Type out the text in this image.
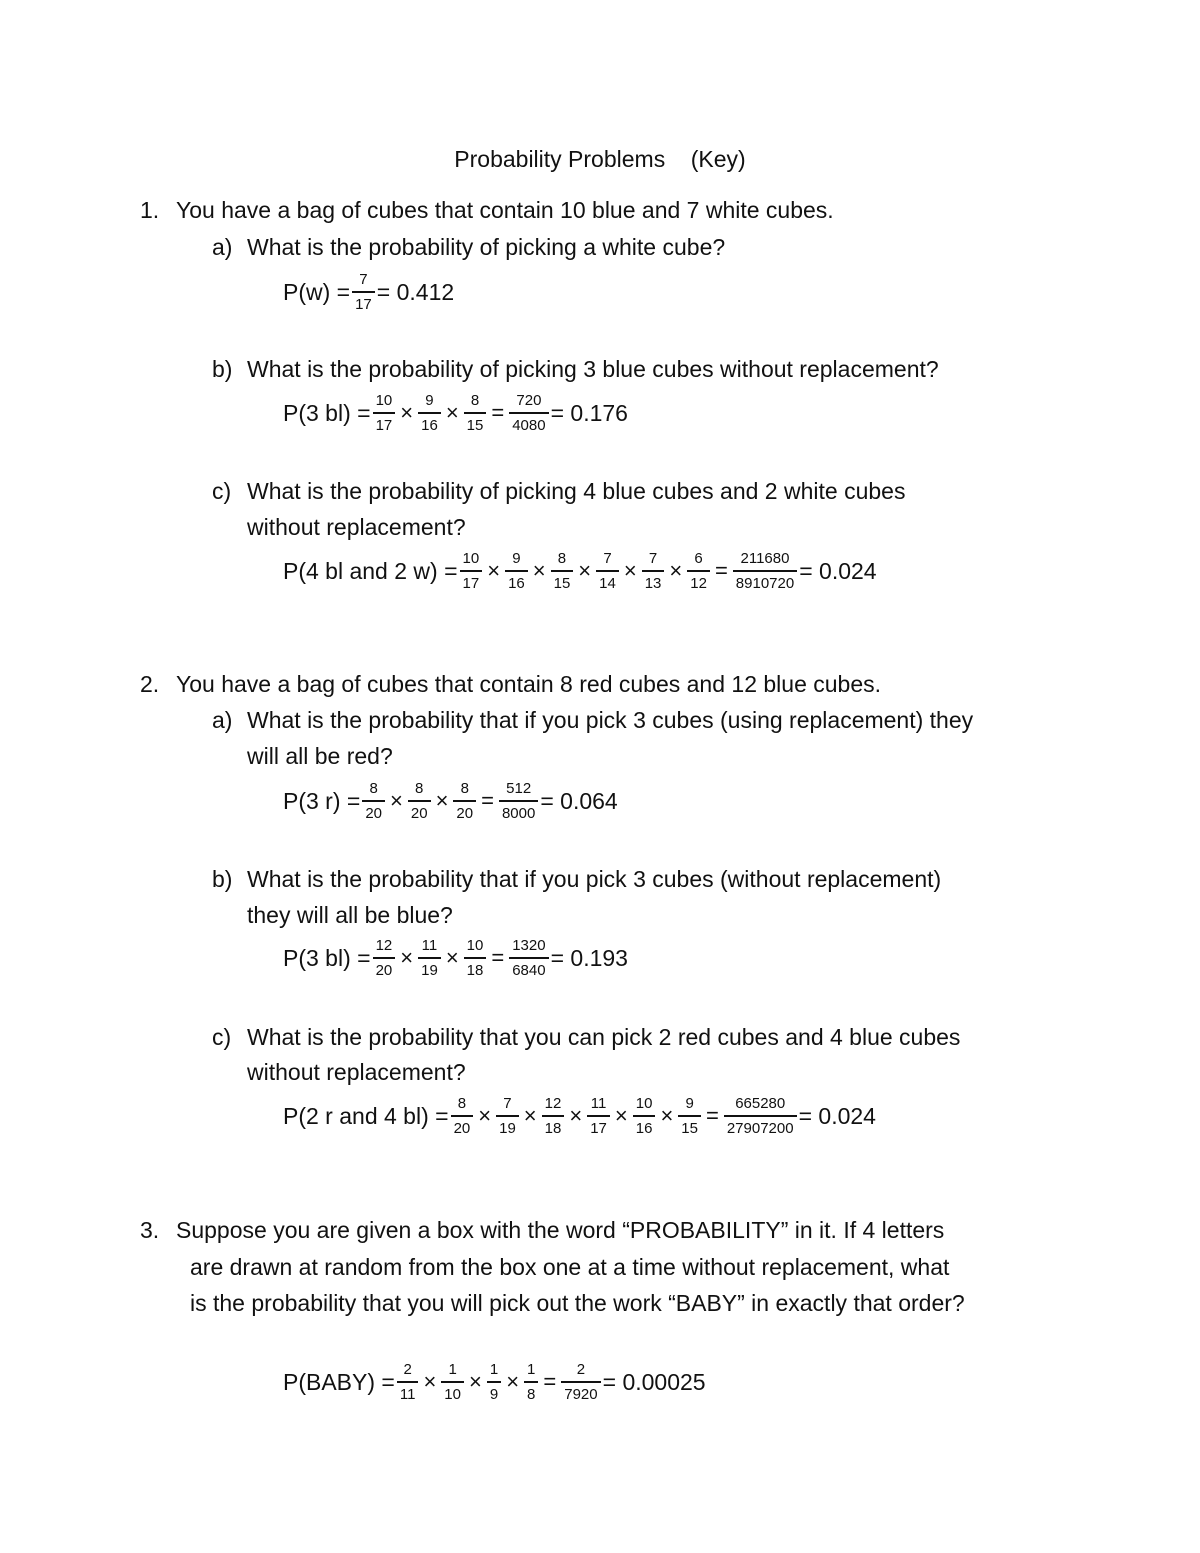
Probability Problems    (Key)
1. You have a bag of cubes that contain 10 blue and 7 white cubes.
a) What is the probability of picking a white cube?
$P(w) = \frac{7}{17} = 0.412$
b) What is the probability of picking 3 blue cubes without replacement?
P(3 $bl) = \frac{10}{17} \times \frac{9}{16} \times \frac{8}{15} = \frac{720}{4080} = 0.176$
c) What is the probability of picking 4 blue cubes and 2 white cubes
without replacement?
P(4 bl and 2 $w) = \frac{10}{17} \times \frac{9}{16} \times \frac{8}{15} \times \frac{7}{14} \times \frac{7}{13} \times \frac{6}{12} = \frac{211680}{8910720} = 0.024$
2. You have a bag of cubes that contain 8 red cubes and 12 blue cubes.
a) What is the probability that if you pick 3 cubes (using replacement) they
will all be red?
P(3 $r) = \frac{8}{20} \times \frac{8}{20} \times \frac{8}{20} = \frac{512}{8000} = 0.064$
b) What is the probability that if you pick 3 cubes (without replacement)
they will all be blue?
P(3 $bl) = \frac{12}{20} \times \frac{11}{19} \times \frac{10}{18} = \frac{1320}{6840} = 0.193$
c) What is the probability that you can pick 2 red cubes and 4 blue cubes
without replacement?
P(2 r and 4 $bl) = \frac{8}{20} \times \frac{7}{19} \times \frac{12}{18} \times \frac{11}{17} \times \frac{10}{16} \times \frac{9}{15} = \frac{665280}{27907200} = 0.024$
3. Suppose you are given a box with the word “PROBABILITY” in it. If 4 letters
are drawn at random from the box one at a time without replacement, what
is the probability that you will pick out the work “BABY” in exactly that order?
P(BABY) = $\frac{2}{11} \times \frac{1}{10} \times \frac{1}{9} \times \frac{1}{8} = \frac{2}{7920} = 0.00025$
